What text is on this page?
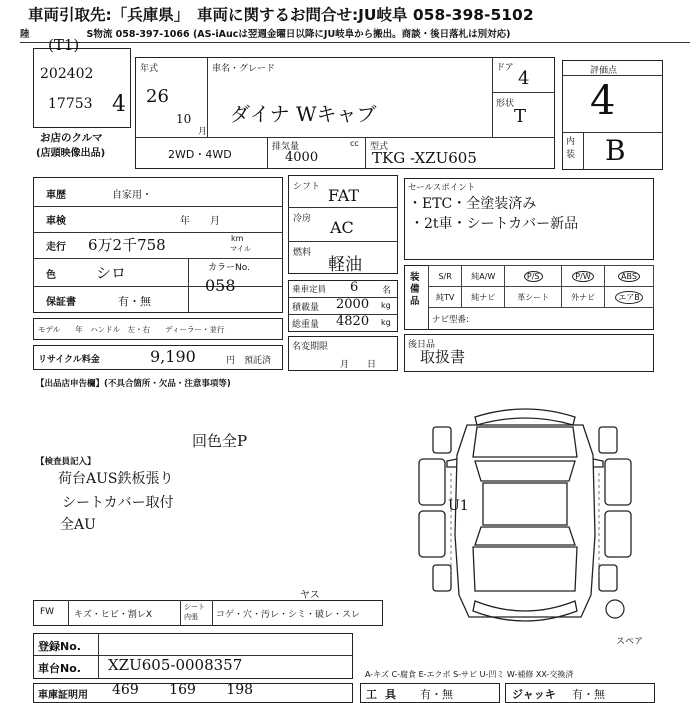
車両引取先:「兵庫県」　車両に関するお問合せ:JU岐阜 058-398-5102
陸　　　　　　S物流 058-397-1066 (AS-iAucは翌週金曜日以降にJU岐阜から搬出。商談・後日落札は別対応)
(T1)
202402
17753 4
お店のクルマ
(店頭映像出品)
年式
26
10
月
車名・グレード
ダイナ Wキャブ
ドア 4
形状
T
2WD・4WD
排気量	cc
4000
型式
TKG -XZU605
評価点
4
内装 B
車歴	自家用・
車検	年　　月
走行 6万2千758	km
マイル
色	シロ	カラーNo.
058
保証書	有・無
モデル　　年　ハンドル　左・右　　ディーラー・並行
リサイクル料金	9,190	円 預託済
シフト FAT
冷房 AC
燃料
軽油
乗車定員 6	名
積載量 2000 kg
総重量 4820 kg
名変期限
月　　日
セールスポイント
・ETC・全塗装済み
・2t車・シートカバー新品
装備品
S/R	純A/W	P/S	P/W	ABS
純TV	純ナビ	革シート	外ナビ	エアB
ナビ型番:
後日品
取扱書
【出品店申告欄】(不具合箇所・欠品・注意事項等)
回色全P
【検査員記入】
荷台AUS鉄板張り
シートカバー取付
全AU
U1
スペア
FW キズ・ヒビ・割レX
シート 内張	コゲ・穴・汚レ・シミ・破レ・スレ
ヤス
登録No.
車台No. XZU605-0008357
A-キズ C-腐食 E-エクボ S-サビ U-凹ミ W-補修 XX-交換済
車庫証明用 469 169 198	工具 有・無	ジャッキ 有・無
